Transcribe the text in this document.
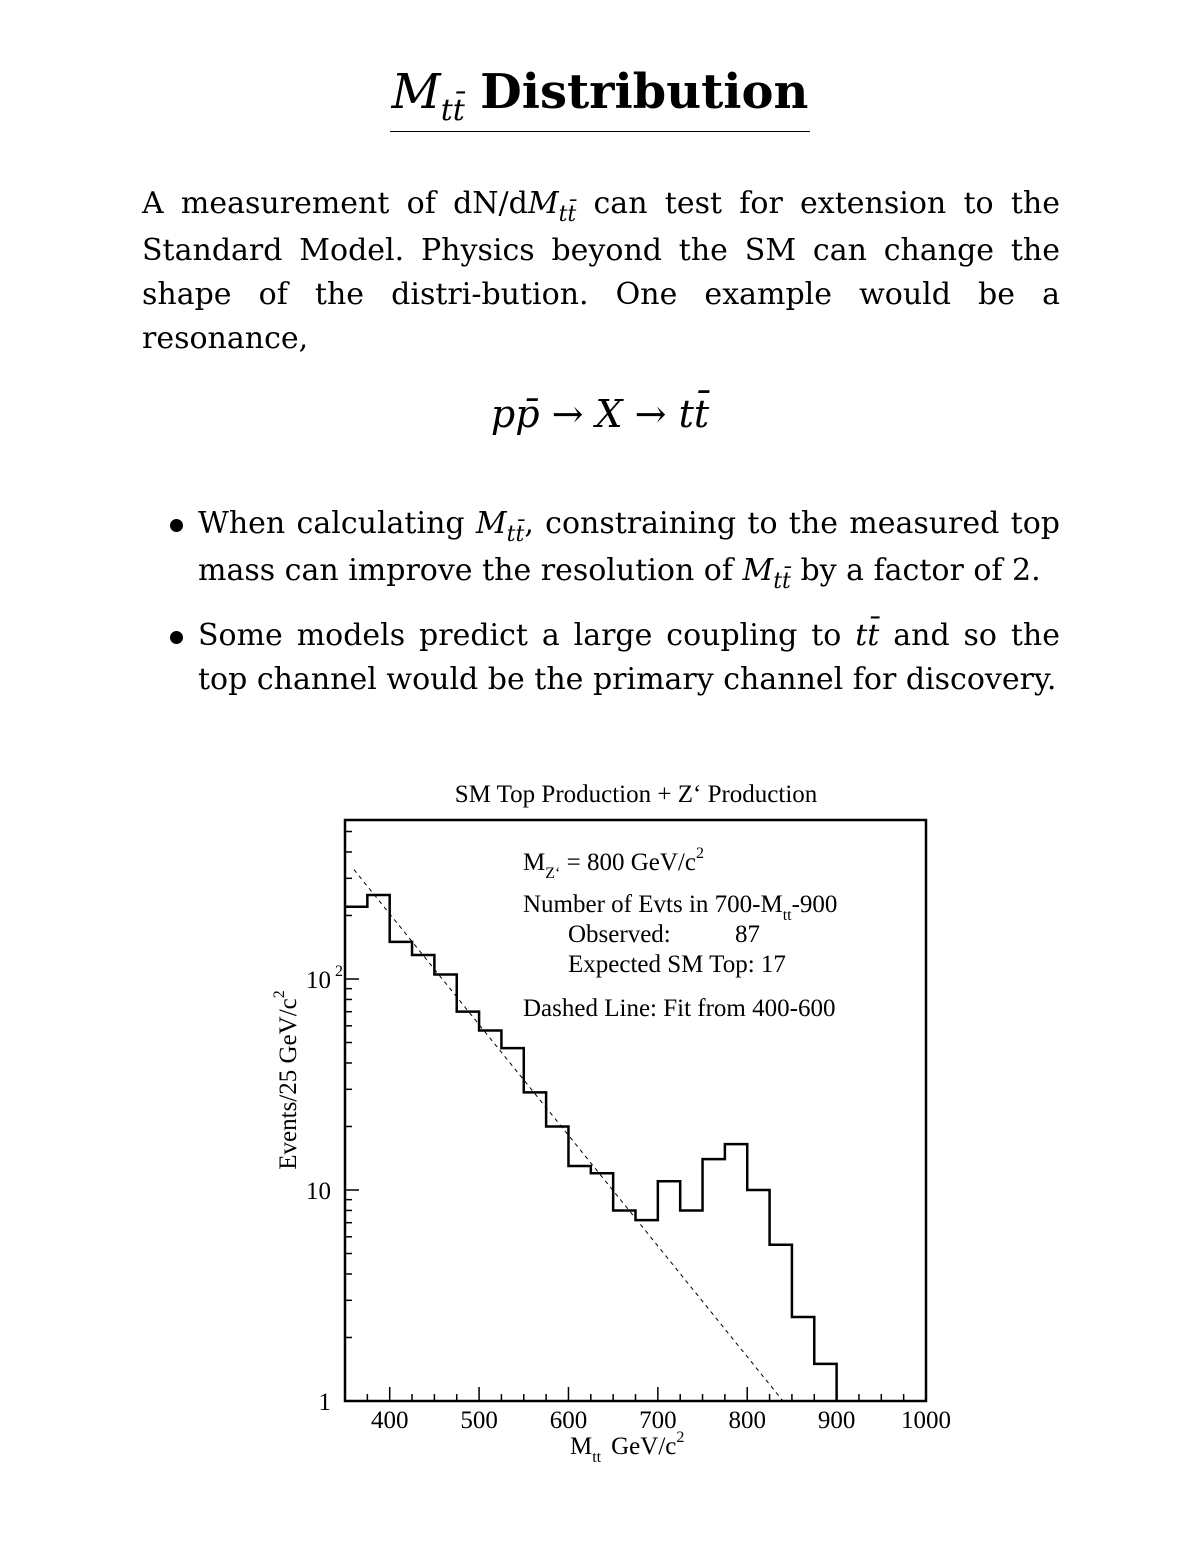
$M_{tt̄}$ Distribution
A measurement of $dN/dM_{tt̄}$ can test for extension to the Standard Model. Physics beyond the SM can change the shape of the distri-bution. One example would be a resonance,
pp̄ → X → tt̄
When calculating $M_{tt̄}$, constraining to the measured top mass can improve the resolution of $M_{tt̄}$ by a factor of 2.
Some models predict a large coupling to tt̄ and so the top channel would be the primary channel for discovery.
SM Top Production + Z‘ Production
400 500 600 700 800 900 1000
1
10
10 $^2$
$M_{Z‘} = 800$ GeV/$c^2$
Number of Evts in $700-M_{tt}-900$
Observed:	87
Expected SM Top: 17
Dashed Line: Fit from 400-600
$M_{tt}$ GeV/$c^2$
Events/25 GeV/$c^2$
